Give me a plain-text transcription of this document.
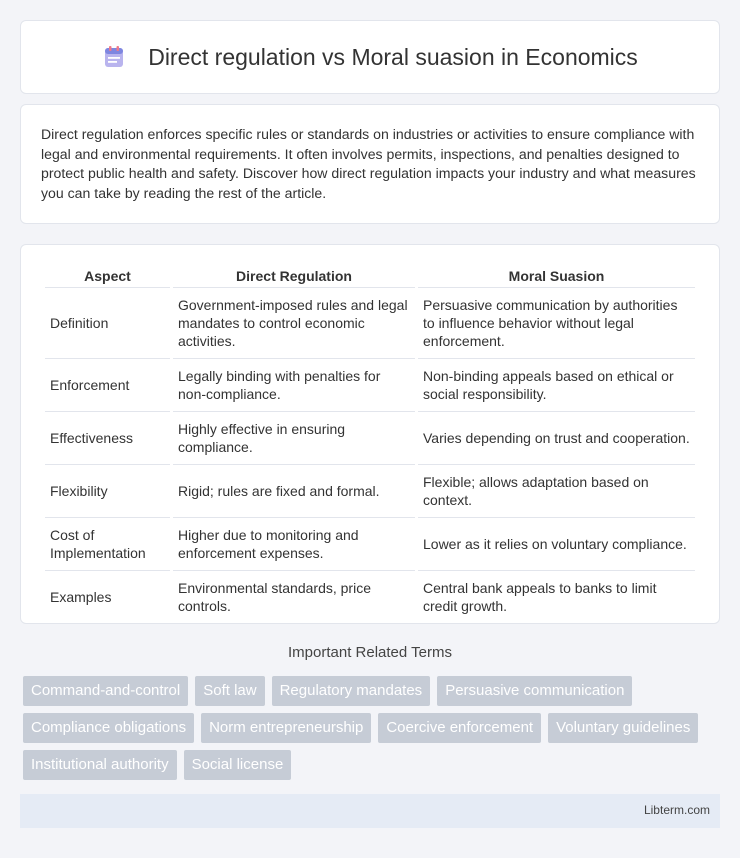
Direct regulation vs Moral suasion in Economics

Direct regulation enforces specific rules or standards on industries or activities to ensure compliance with legal and environmental requirements. It often involves permits, inspections, and penalties designed to protect public health and safety. Discover how direct regulation impacts your industry and what measures you can take by reading the rest of the article.

Aspect	Direct Regulation	Moral Suasion
Definition	Government-imposed rules and legal mandates to control economic activities.	Persuasive communication by authorities to influence behavior without legal enforcement.
Enforcement	Legally binding with penalties for non-compliance.	Non-binding appeals based on ethical or social responsibility.
Effectiveness	Highly effective in ensuring compliance.	Varies depending on trust and cooperation.
Flexibility	Rigid; rules are fixed and formal.	Flexible; allows adaptation based on context.
Cost of Implementation	Higher due to monitoring and enforcement expenses.	Lower as it relies on voluntary compliance.
Examples	Environmental standards, price controls.	Central bank appeals to banks to limit credit growth.
Important Related Terms
Command-and-control	Soft law	Regulatory mandates	Persuasive communication
Compliance obligations	Norm entrepreneurship	Coercive enforcement	Voluntary guidelines
Institutional authority	Social license
Libterm.com
